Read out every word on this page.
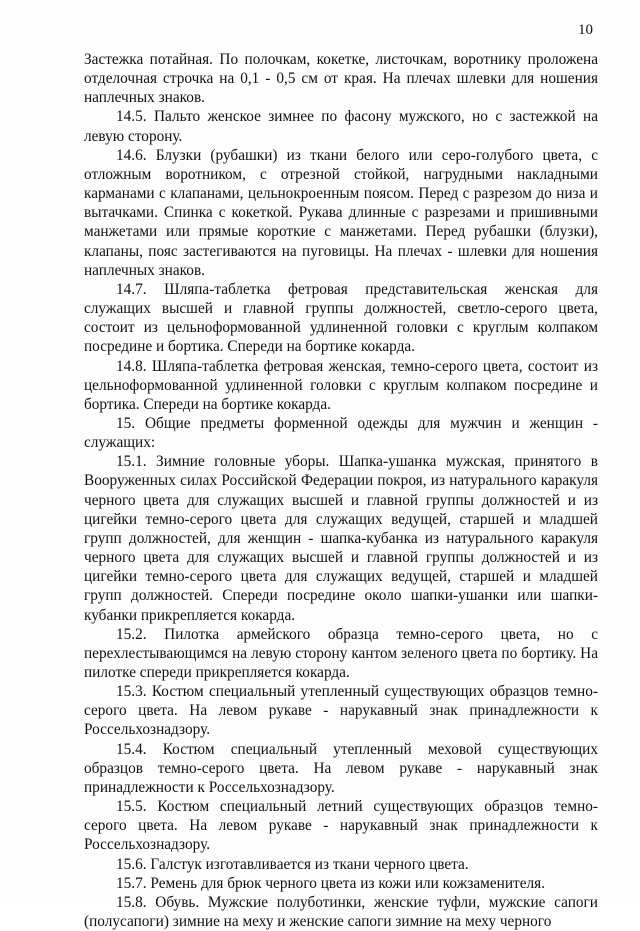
10

Застежка потайная. По полочкам, кокетке, листочкам, воротнику проложена отделочная строчка на 0,1 - 0,5 см от края. На плечах шлевки для ношения наплечных знаков.

14.5. Пальто женское зимнее по фасону мужского, но с застежкой на левую сторону.

14.6. Блузки (рубашки) из ткани белого или серо-голубого цвета, с отложным воротником, с отрезной стойкой, нагрудными накладными карманами с клапанами, цельнокроенным поясом. Перед с разрезом до низа и вытачками. Спинка с кокеткой. Рукава длинные с разрезами и пришивными манжетами или прямые короткие с манжетами. Перед рубашки (блузки), клапаны, пояс застегиваются на пуговицы. На плечах - шлевки для ношения наплечных знаков.

14.7. Шляпа-таблетка фетровая представительская женская для служащих высшей и главной группы должностей, светло-серого цвета, состоит из цельноформованной удлиненной головки с круглым колпаком посредине и бортика. Спереди на бортике кокарда.

14.8. Шляпа-таблетка фетровая женская, темно-серого цвета, состоит из цельноформованной удлиненной головки с круглым колпаком посредине и бортика. Спереди на бортике кокарда.

15. Общие предметы форменной одежды для мужчин и женщин - служащих:

15.1. Зимние головные уборы. Шапка-ушанка мужская, принятого в Вооруженных силах Российской Федерации покроя, из натурального каракуля черного цвета для служащих высшей и главной группы должностей и из цигейки темно-серого цвета для служащих ведущей, старшей и младшей групп должностей, для женщин - шапка-кубанка из натурального каракуля черного цвета для служащих высшей и главной группы должностей и из цигейки темно-серого цвета для служащих ведущей, старшей и младшей групп должностей. Спереди посредине около шапки-ушанки или шапки-кубанки прикрепляется кокарда.

15.2. Пилотка армейского образца темно-серого цвета, но с перехлестывающимся на левую сторону кантом зеленого цвета по бортику. На пилотке спереди прикрепляется кокарда.

15.3. Костюм специальный утепленный существующих образцов темно-серого цвета. На левом рукаве - нарукавный знак принадлежности к Россельхознадзору.

15.4. Костюм специальный утепленный меховой существующих образцов темно-серого цвета. На левом рукаве - нарукавный знак принадлежности к Россельхознадзору.

15.5. Костюм специальный летний существующих образцов темно-серого цвета. На левом рукаве - нарукавный знак принадлежности к Россельхознадзору.

15.6. Галстук изготавливается из ткани черного цвета.

15.7. Ремень для брюк черного цвета из кожи или кожзаменителя.

15.8. Обувь. Мужские полуботинки, женские туфли, мужские сапоги (полусапоги) зимние на меху и женские сапоги зимние на меху черного
